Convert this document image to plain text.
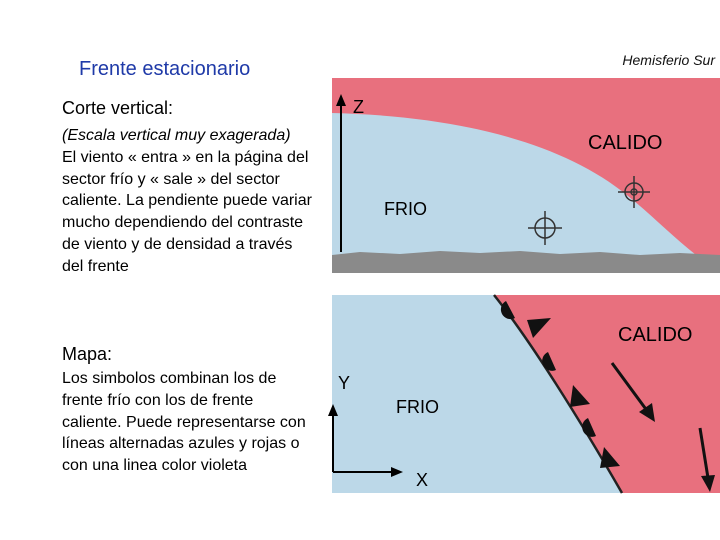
Z
CALIDO
FRIO
CALIDO
FRIO
Y
X
Hemisferio Sur
Frente estacionario
Corte vertical:
(Escala vertical muy exagerada)
El viento « entra » en la página del sector frío y « sale » del sector caliente. La pendiente puede variar mucho dependiendo del contraste de viento y de densidad a través del frente
Mapa:
Los simbolos combinan los de frente frío con los de frente caliente. Puede representarse con líneas alternadas azules y rojas o con una linea color violeta
